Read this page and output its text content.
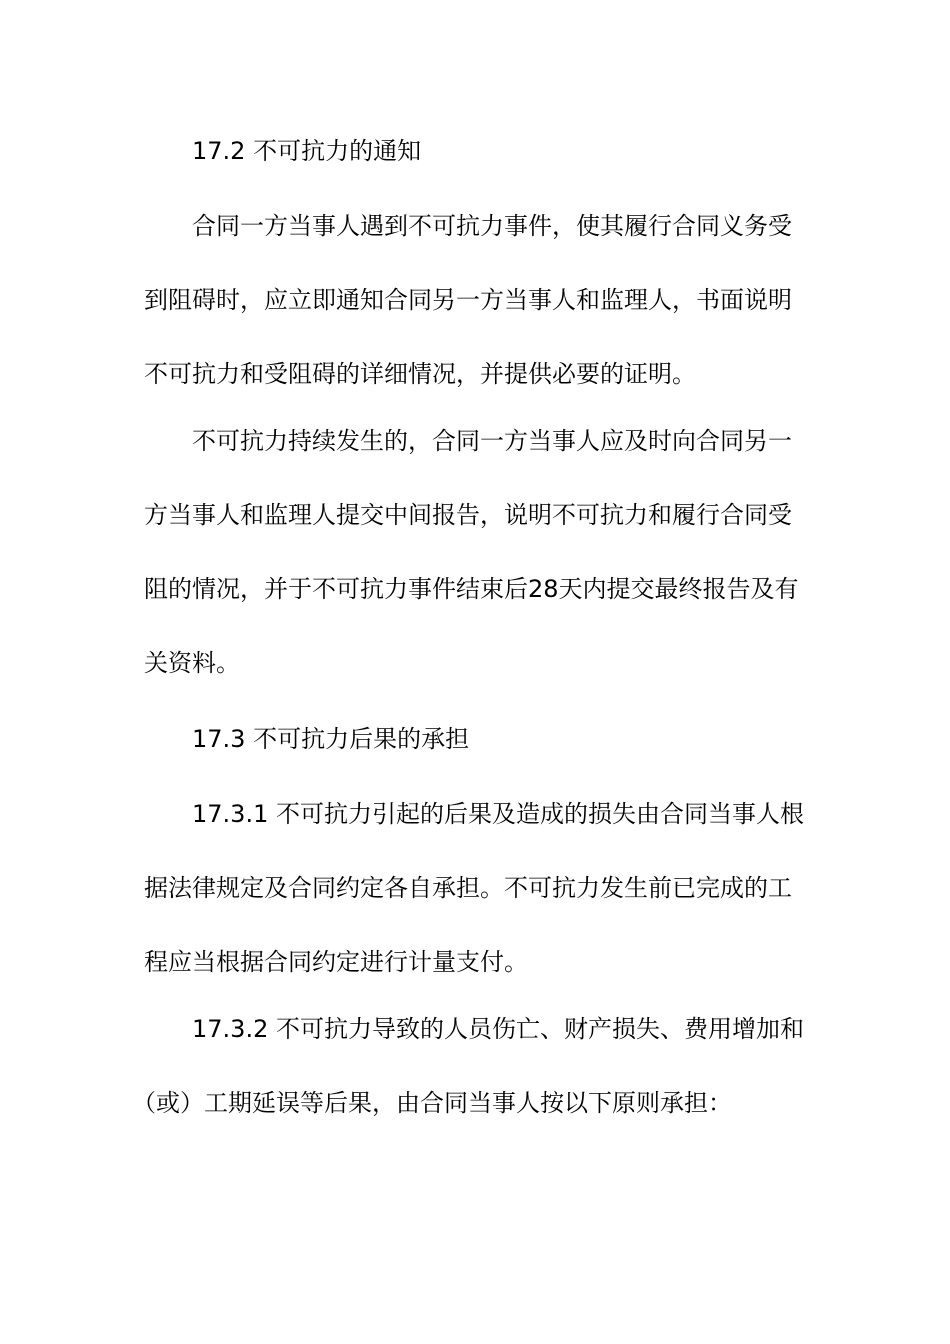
17.2 不可抗力的通知
合同一方当事人遇到不可抗力事件，使其履行合同义务受
到阻碍时，应立即通知合同另一方当事人和监理人，书面说明
不可抗力和受阻碍的详细情况，并提供必要的证明。
不可抗力持续发生的，合同一方当事人应及时向合同另一
方当事人和监理人提交中间报告，说明不可抗力和履行合同受
阻的情况，并于不可抗力事件结束后28天内提交最终报告及有
关资料。
17.3 不可抗力后果的承担
17.3.1 不可抗力引起的后果及造成的损失由合同当事人根
据法律规定及合同约定各自承担。不可抗力发生前已完成的工
程应当根据合同约定进行计量支付。
17.3.2 不可抗力导致的人员伤亡、财产损失、费用增加和
（或）工期延误等后果，由合同当事人按以下原则承担：
